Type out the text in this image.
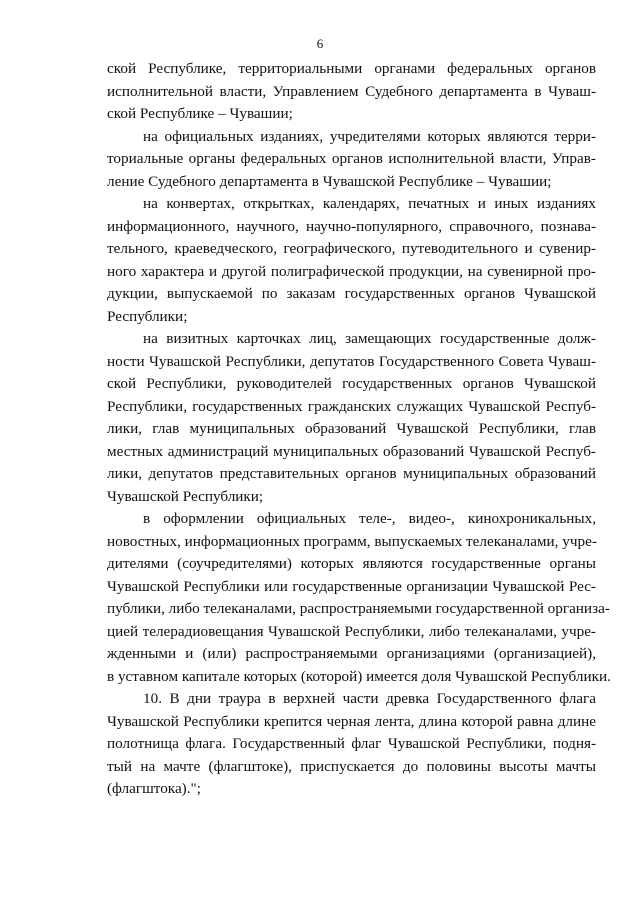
6
ской Республике, территориальными органами федеральных органов
исполнительной власти, Управлением Судебного департамента в Чуваш-
ской Республике – Чувашии;
на официальных изданиях, учредителями которых являются терри-
ториальные органы федеральных органов исполнительной власти, Управ-
ление Судебного департамента в Чувашской Республике – Чувашии;
на конвертах, открытках, календарях, печатных и иных изданиях
информационного, научного, научно-популярного, справочного, познава-
тельного, краеведческого, географического, путеводительного и сувенир-
ного характера и другой полиграфической продукции, на сувенирной про-
дукции, выпускаемой по заказам государственных органов Чувашской
Республики;
на визитных карточках лиц, замещающих государственные долж-
ности Чувашской Республики, депутатов Государственного Совета Чуваш-
ской Республики, руководителей государственных органов Чувашской
Республики, государственных гражданских служащих Чувашской Респуб-
лики, глав муниципальных образований Чувашской Республики, глав
местных администраций муниципальных образований Чувашской Респуб-
лики, депутатов представительных органов муниципальных образований
Чувашской Республики;
в оформлении официальных теле-, видео-, кинохроникальных,
новостных, информационных программ, выпускаемых телеканалами, учре-
дителями (соучредителями) которых являются государственные органы
Чувашской Республики или государственные организации Чувашской Рес-
публики, либо телеканалами, распространяемыми государственной организа-
цией телерадиовещания Чувашской Республики, либо телеканалами, учре-
жденными и (или) распространяемыми организациями (организацией),
в уставном капитале которых (которой) имеется доля Чувашской Республики.
10. В дни траура в верхней части древка Государственного флага
Чувашской Республики крепится черная лента, длина которой равна длине
полотнища флага. Государственный флаг Чувашской Республики, подня-
тый на мачте (флагштоке), приспускается до половины высоты мачты
(флагштока).";
